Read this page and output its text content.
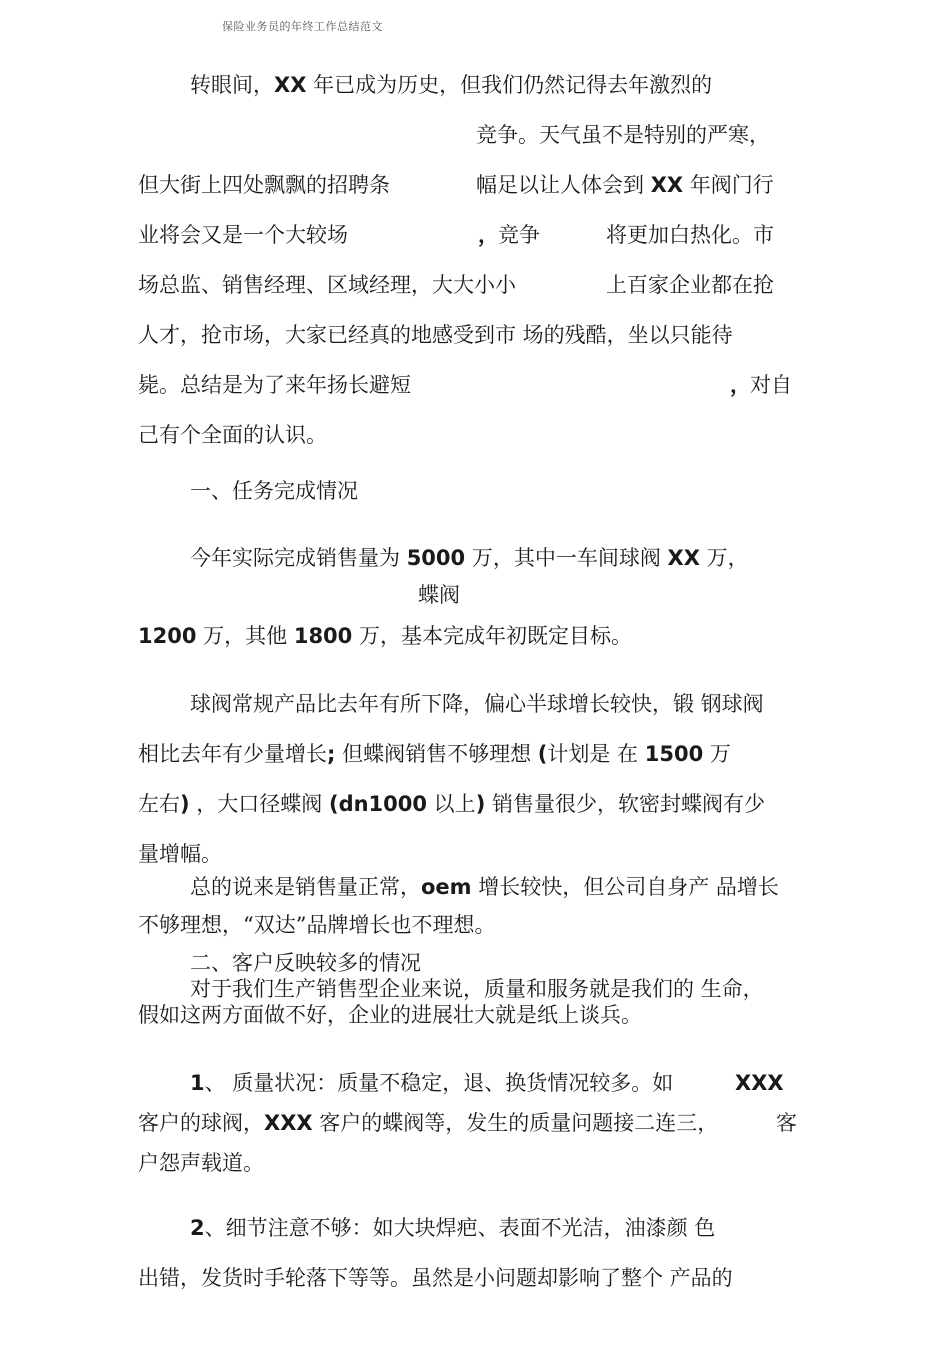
保险业务员的年终工作总结范文
转眼间，XX 年已成为历史，但我们仍然记得去年激烈的
竞争。天气虽不是特别的严寒，
但大街上四处飘飘的招聘条	幅足以让人体会到 XX 年阀门行
业将会又是一个大较场	， 竞争	将更加白热化。市
场总监、销售经理、区域经理，大大小小	上百家企业都在抢
人才，抢市场，大家已经真的地感受到市 场的残酷，坐以只能待
毙。总结是为了来年扬长避短	， 对自
己有个全面的认识。
一、任务完成情况
今年实际完成销售量为 5000 万，其中一车间球阀 XX 万，
蝶阀
1200 万，其他 1800 万，基本完成年初既定目标。
球阀常规产品比去年有所下降，偏心半球增长较快，锻 钢球阀
相比去年有少量增长; 但蝶阀销售不够理想 (计划是 在 1500 万
左右) ，大口径蝶阀 (dn1000 以上) 销售量很少，软密封蝶阀有少
量增幅。
总的说来是销售量正常，oem 增长较快，但公司自身产 品增长
不够理想，“双达”品牌增长也不理想。
二、客户反映较多的情况
对于我们生产销售型企业来说，质量和服务就是我们的 生命，
假如这两方面做不好，企业的进展壮大就是纸上谈兵。
1、 质量状况：质量不稳定，退、换货情况较多。如	XXX
客户的球阀，XXX 客户的蝶阀等，发生的质量问题接二连三，	客
户怨声载道。
2、细节注意不够：如大块焊疤、表面不光洁，油漆颜 色
出错，发货时手轮落下等等。虽然是小问题却影响了整个 产品的
